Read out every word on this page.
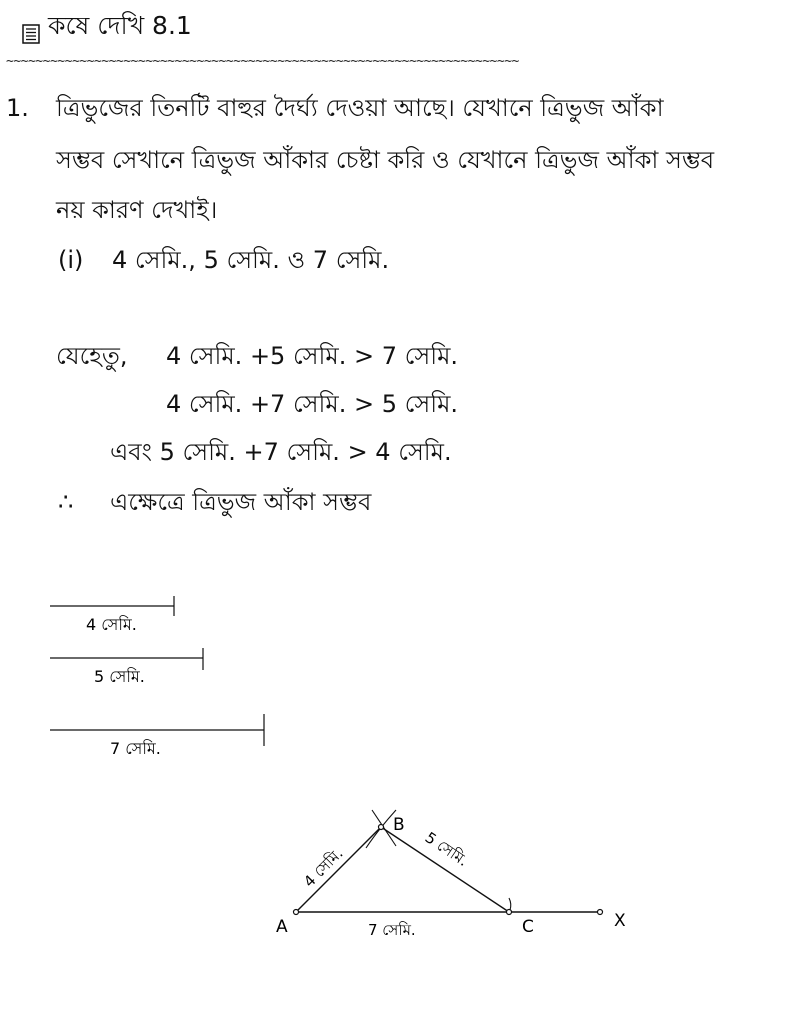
কষে দেখি 8.1
~~~~~~~~~~~~~~~~~~~~~~~~~~~~~~~~~~~~~~~~~~~~~~~~~~~~~~~~~~~~~~~~~~~~~~
1. ত্রিভুজের তিনটি বাহুর দৈর্ঘ্য দেওয়া আছে। যেখানে ত্রিভুজ আঁকা
সম্ভব সেখানে ত্রিভুজ আঁকার চেষ্টা করি ও যেখানে ত্রিভুজ আঁকা সম্ভব
নয় কারণ দেখাই।
(i) 4 সেমি., 5 সেমি. ও 7 সেমি.
যেহেতু, 4 সেমি. +5 সেমি. > 7 সেমি.
4 সেমি. +7 সেমি. > 5 সেমি.
এবং 5 সেমি. +7 সেমি. > 4 সেমি.
∴ এক্ষেত্রে ত্রিভুজ আঁকা সম্ভব
4 সেমি.
5 সেমি.
7 সেমি.
A
B
C	X
4 সেমি.	5 সেমি.
7 সেমি.
